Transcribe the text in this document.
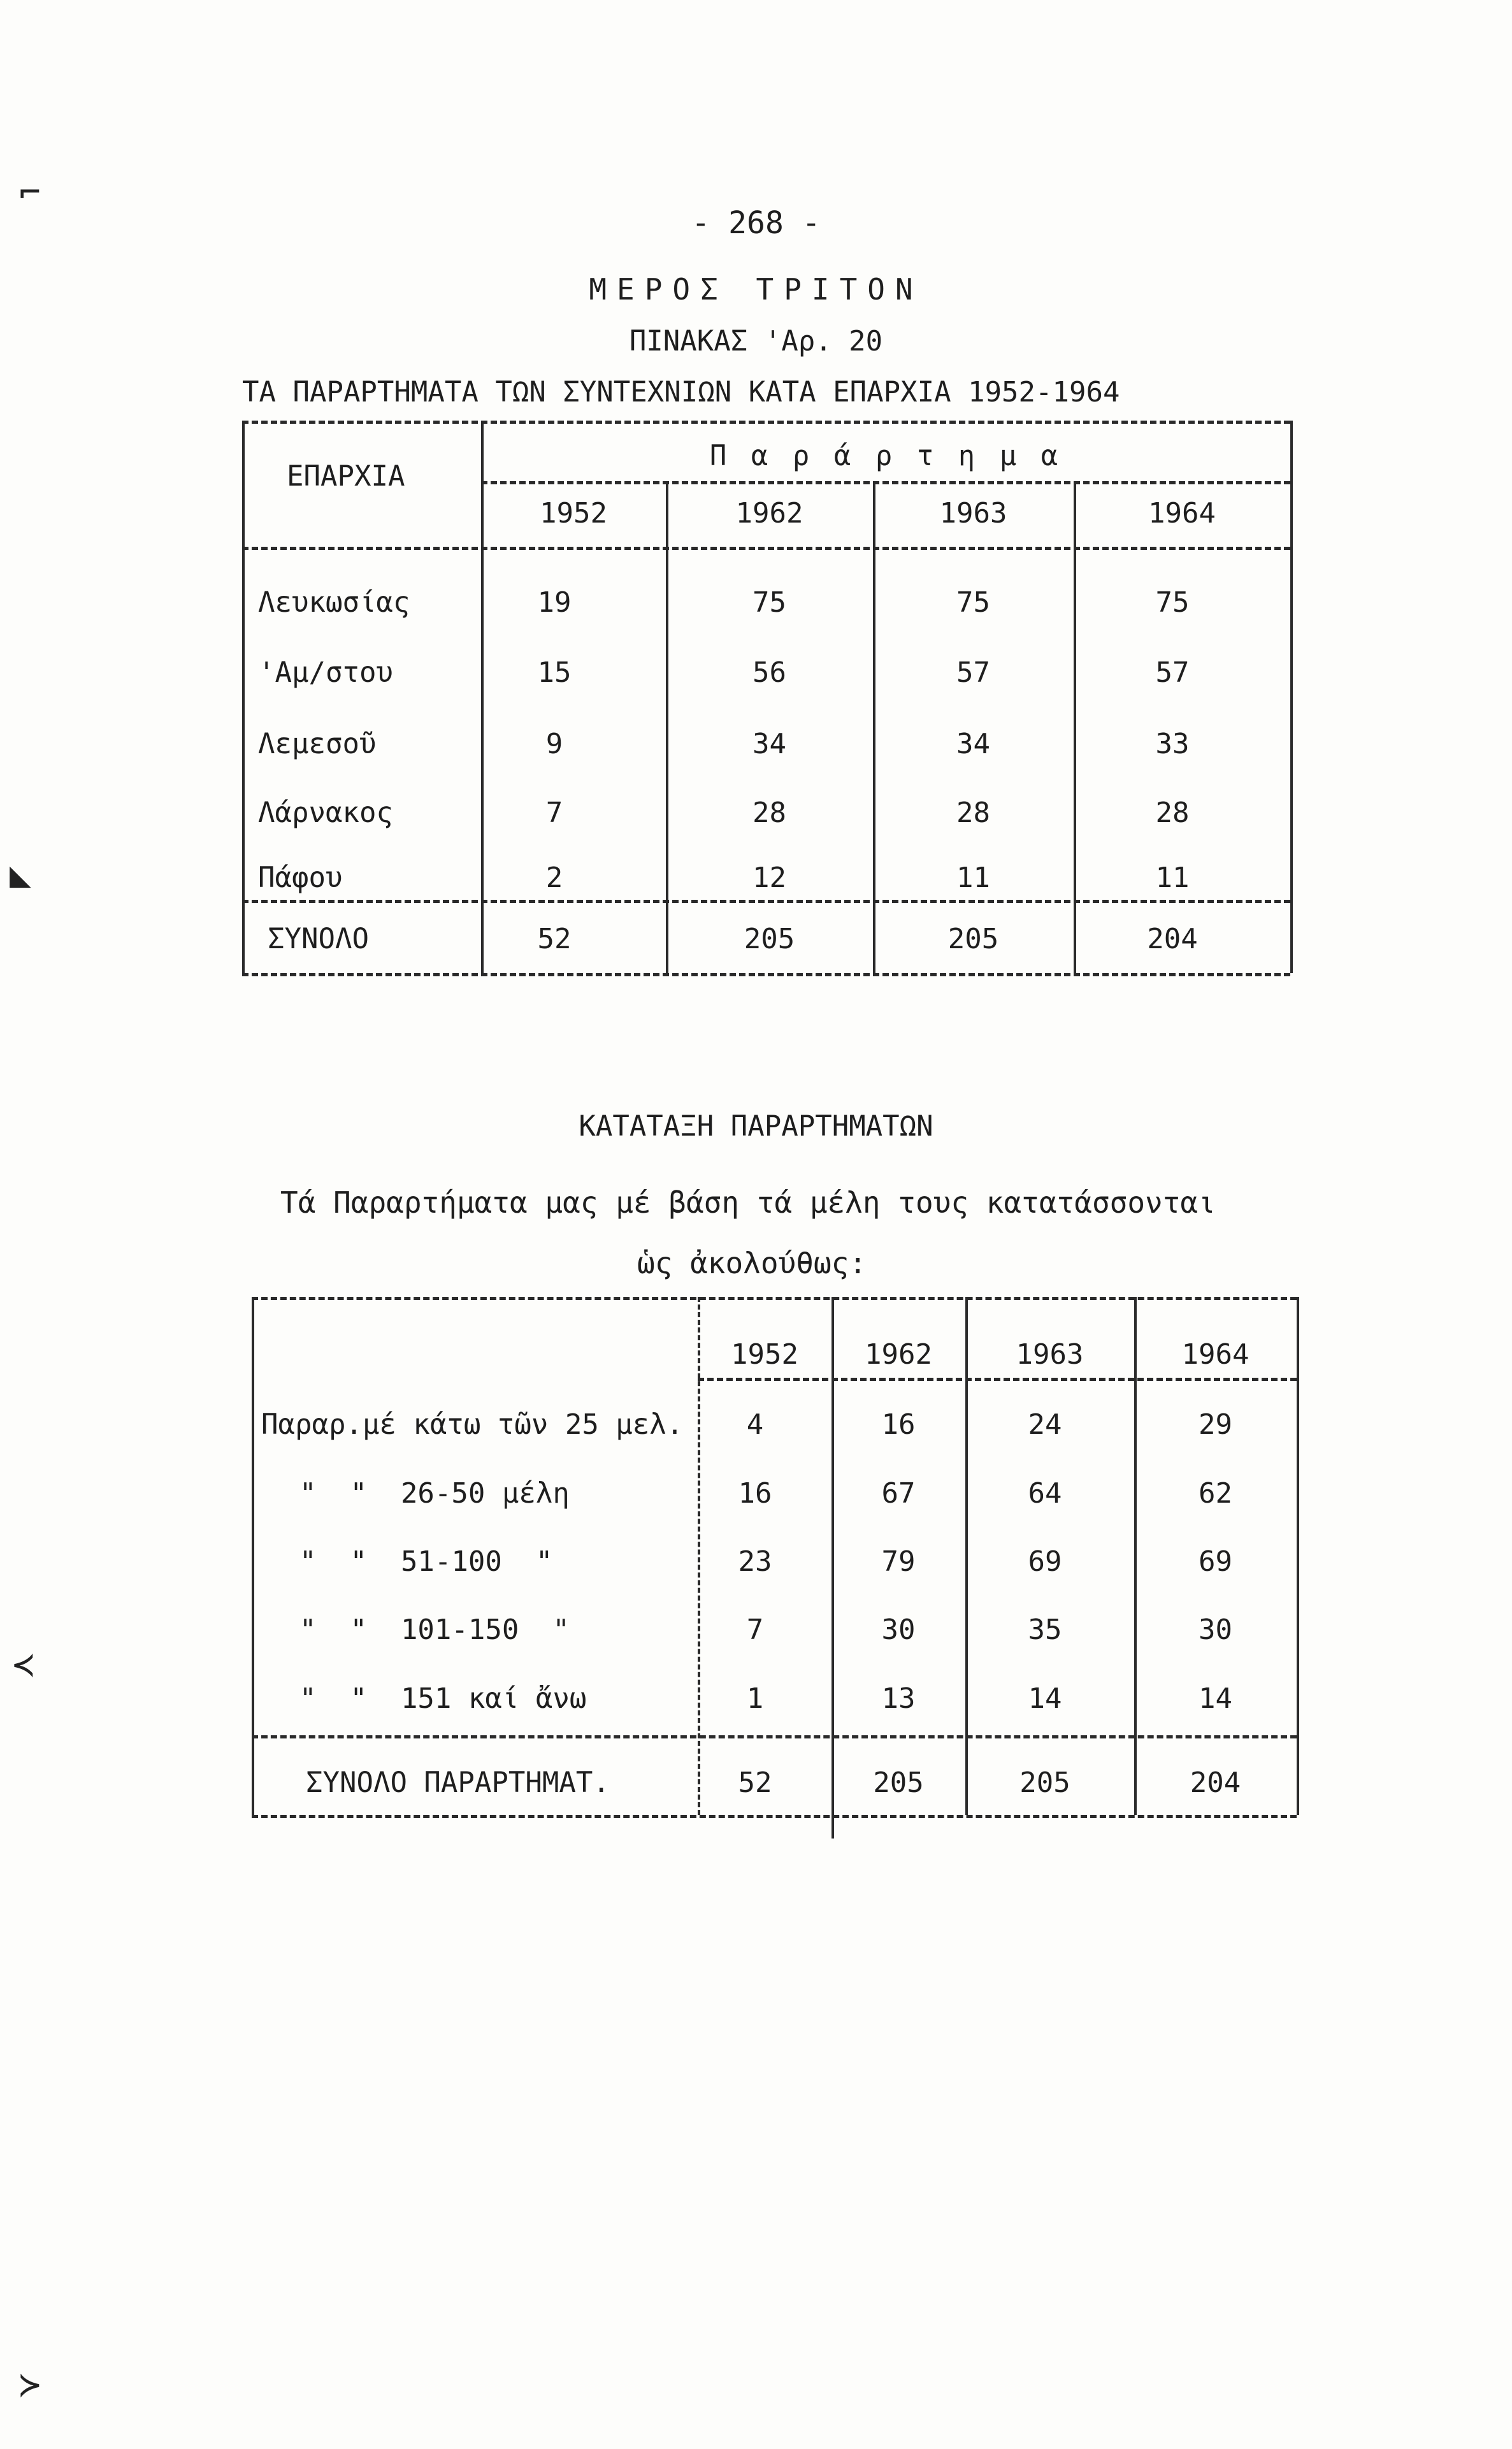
- 268 -
ΜΕΡΟΣ ΤΡΙΤΟΝ
ΠΙΝΑΚΑΣ 'Αρ. 20
ΤΑ ΠΑΡΑΡΤΗΜΑΤΑ ΤΩΝ ΣΥΝΤΕΧΝΙΩΝ ΚΑΤΑ ΕΠΑΡΧΙΑ 1952-1964
⌐
◣
≺
≻
ΕΠΑΡΧΙΑ
Π α ρ ά ρ τ η μ α
1952	1962	1963	1964
Λευκωσίας	19	75	75	75
'Αμ/στου	15	56	57	57
Λεμεσοῦ	9	34	34	33
Λάρνακος	7	28	28	28
Πάφου	2	12	11	11
ΣΥΝΟΛΟ	52	205	205	204
ΚΑΤΑΤΑΞΗ ΠΑΡΑΡΤΗΜΑΤΩΝ
Τά Παραρτήματα μας μέ βάση τά μέλη τους κατατάσσονται
ὡς ἀκολούθως:
1952	1962	1963	1964
Παραρ.μέ κάτω τῶν 25 μελ.	4	16	24	29
"  "  26-50 μέλη	16	67	64	62
"  "  51-100  "	23	79	69	69
"  "  101-150  "	7	30	35	30
"  "  151 καί ἄνω	1	13	14	14
ΣΥΝΟΛΟ ΠΑΡΑΡΤΗΜΑΤ.	52	205	205	204
